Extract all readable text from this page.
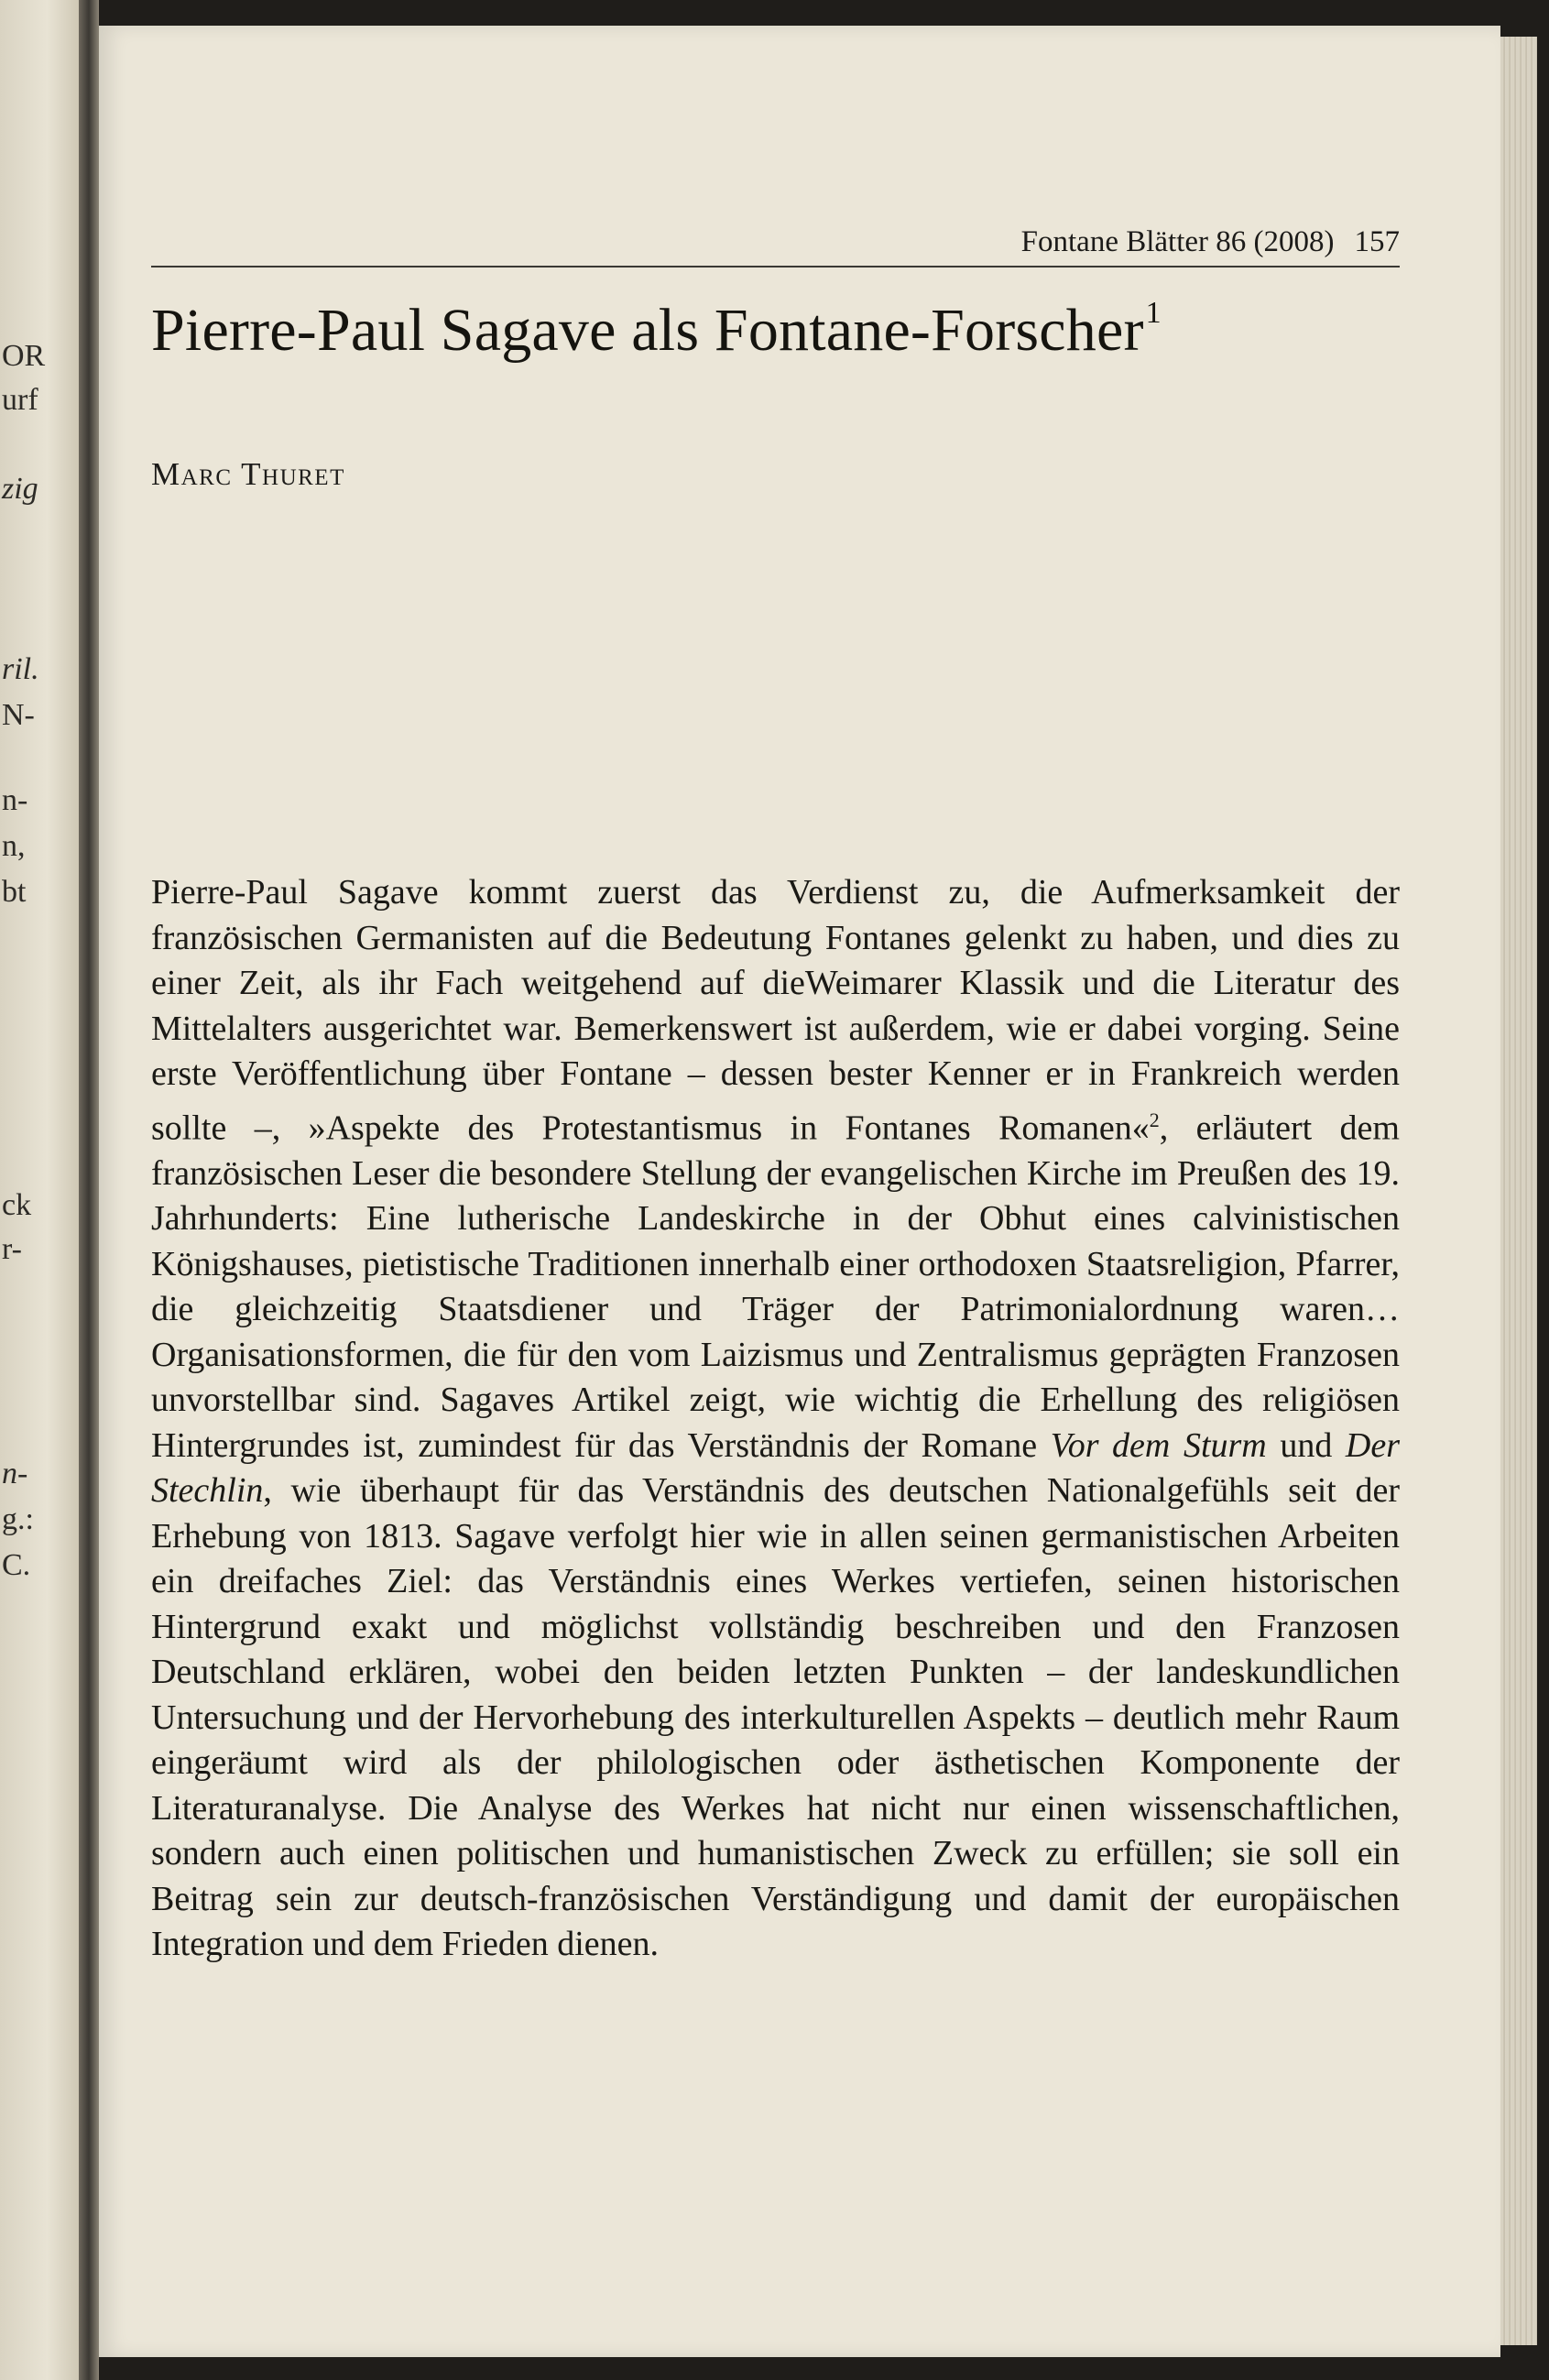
OR
urf
zig
ril.
N-
n-
n,
bt
ck
r-
n-
g.:
C.
Fontane Blätter 86 (2008) 157
Pierre-Paul Sagave als Fontane-Forscher$^1$
Marc Thuret

Pierre-Paul Sagave kommt zuerst das Verdienst zu, die Aufmerksamkeit der französischen Germanisten auf die Bedeutung Fontanes gelenkt zu haben, und dies zu einer Zeit, als ihr Fach weitgehend auf dieWeimarer Klassik und die Literatur des Mittelalters ausgerichtet war. Bemerkenswert ist außerdem, wie er dabei vorging. Seine erste Veröffentlichung über Fontane – dessen bester Kenner er in Frankreich werden sollte –, »Aspekte des Protestantismus in Fontanes Romanen«$^2$, erläutert dem französischen Leser die besondere Stellung der evangelischen Kirche im Preußen des 19. Jahrhunderts: Eine lutherische Landeskirche in der Obhut eines calvinistischen Königshauses, pietistische Traditionen innerhalb einer orthodoxen Staatsreligion, Pfarrer, die gleichzeitig Staatsdiener und Träger der Patrimonialordnung waren… Organisationsformen, die für den vom Laizismus und Zentralismus geprägten Franzosen unvorstellbar sind. Sagaves Artikel zeigt, wie wichtig die Erhellung des religiösen Hintergrundes ist, zumindest für das Verständnis der Romane Vor dem Sturm und Der Stechlin, wie überhaupt für das Verständnis des deutschen Nationalgefühls seit der Erhebung von 1813. Sagave verfolgt hier wie in allen seinen germanistischen Arbeiten ein dreifaches Ziel: das Verständnis eines Werkes vertiefen, seinen historischen Hintergrund exakt und möglichst vollständig beschreiben und den Franzosen Deutschland erklären, wobei den beiden letzten Punkten – der landeskundlichen Untersuchung und der Hervorhebung des interkulturellen Aspekts – deutlich mehr Raum eingeräumt wird als der philologischen oder ästhetischen Komponente der Literaturanalyse. Die Analyse des Werkes hat nicht nur einen wissenschaftlichen, sondern auch einen politischen und humanistischen Zweck zu erfüllen; sie soll ein Beitrag sein zur deutsch-französischen Verständigung und damit der europäischen Integration und dem Frieden dienen.
